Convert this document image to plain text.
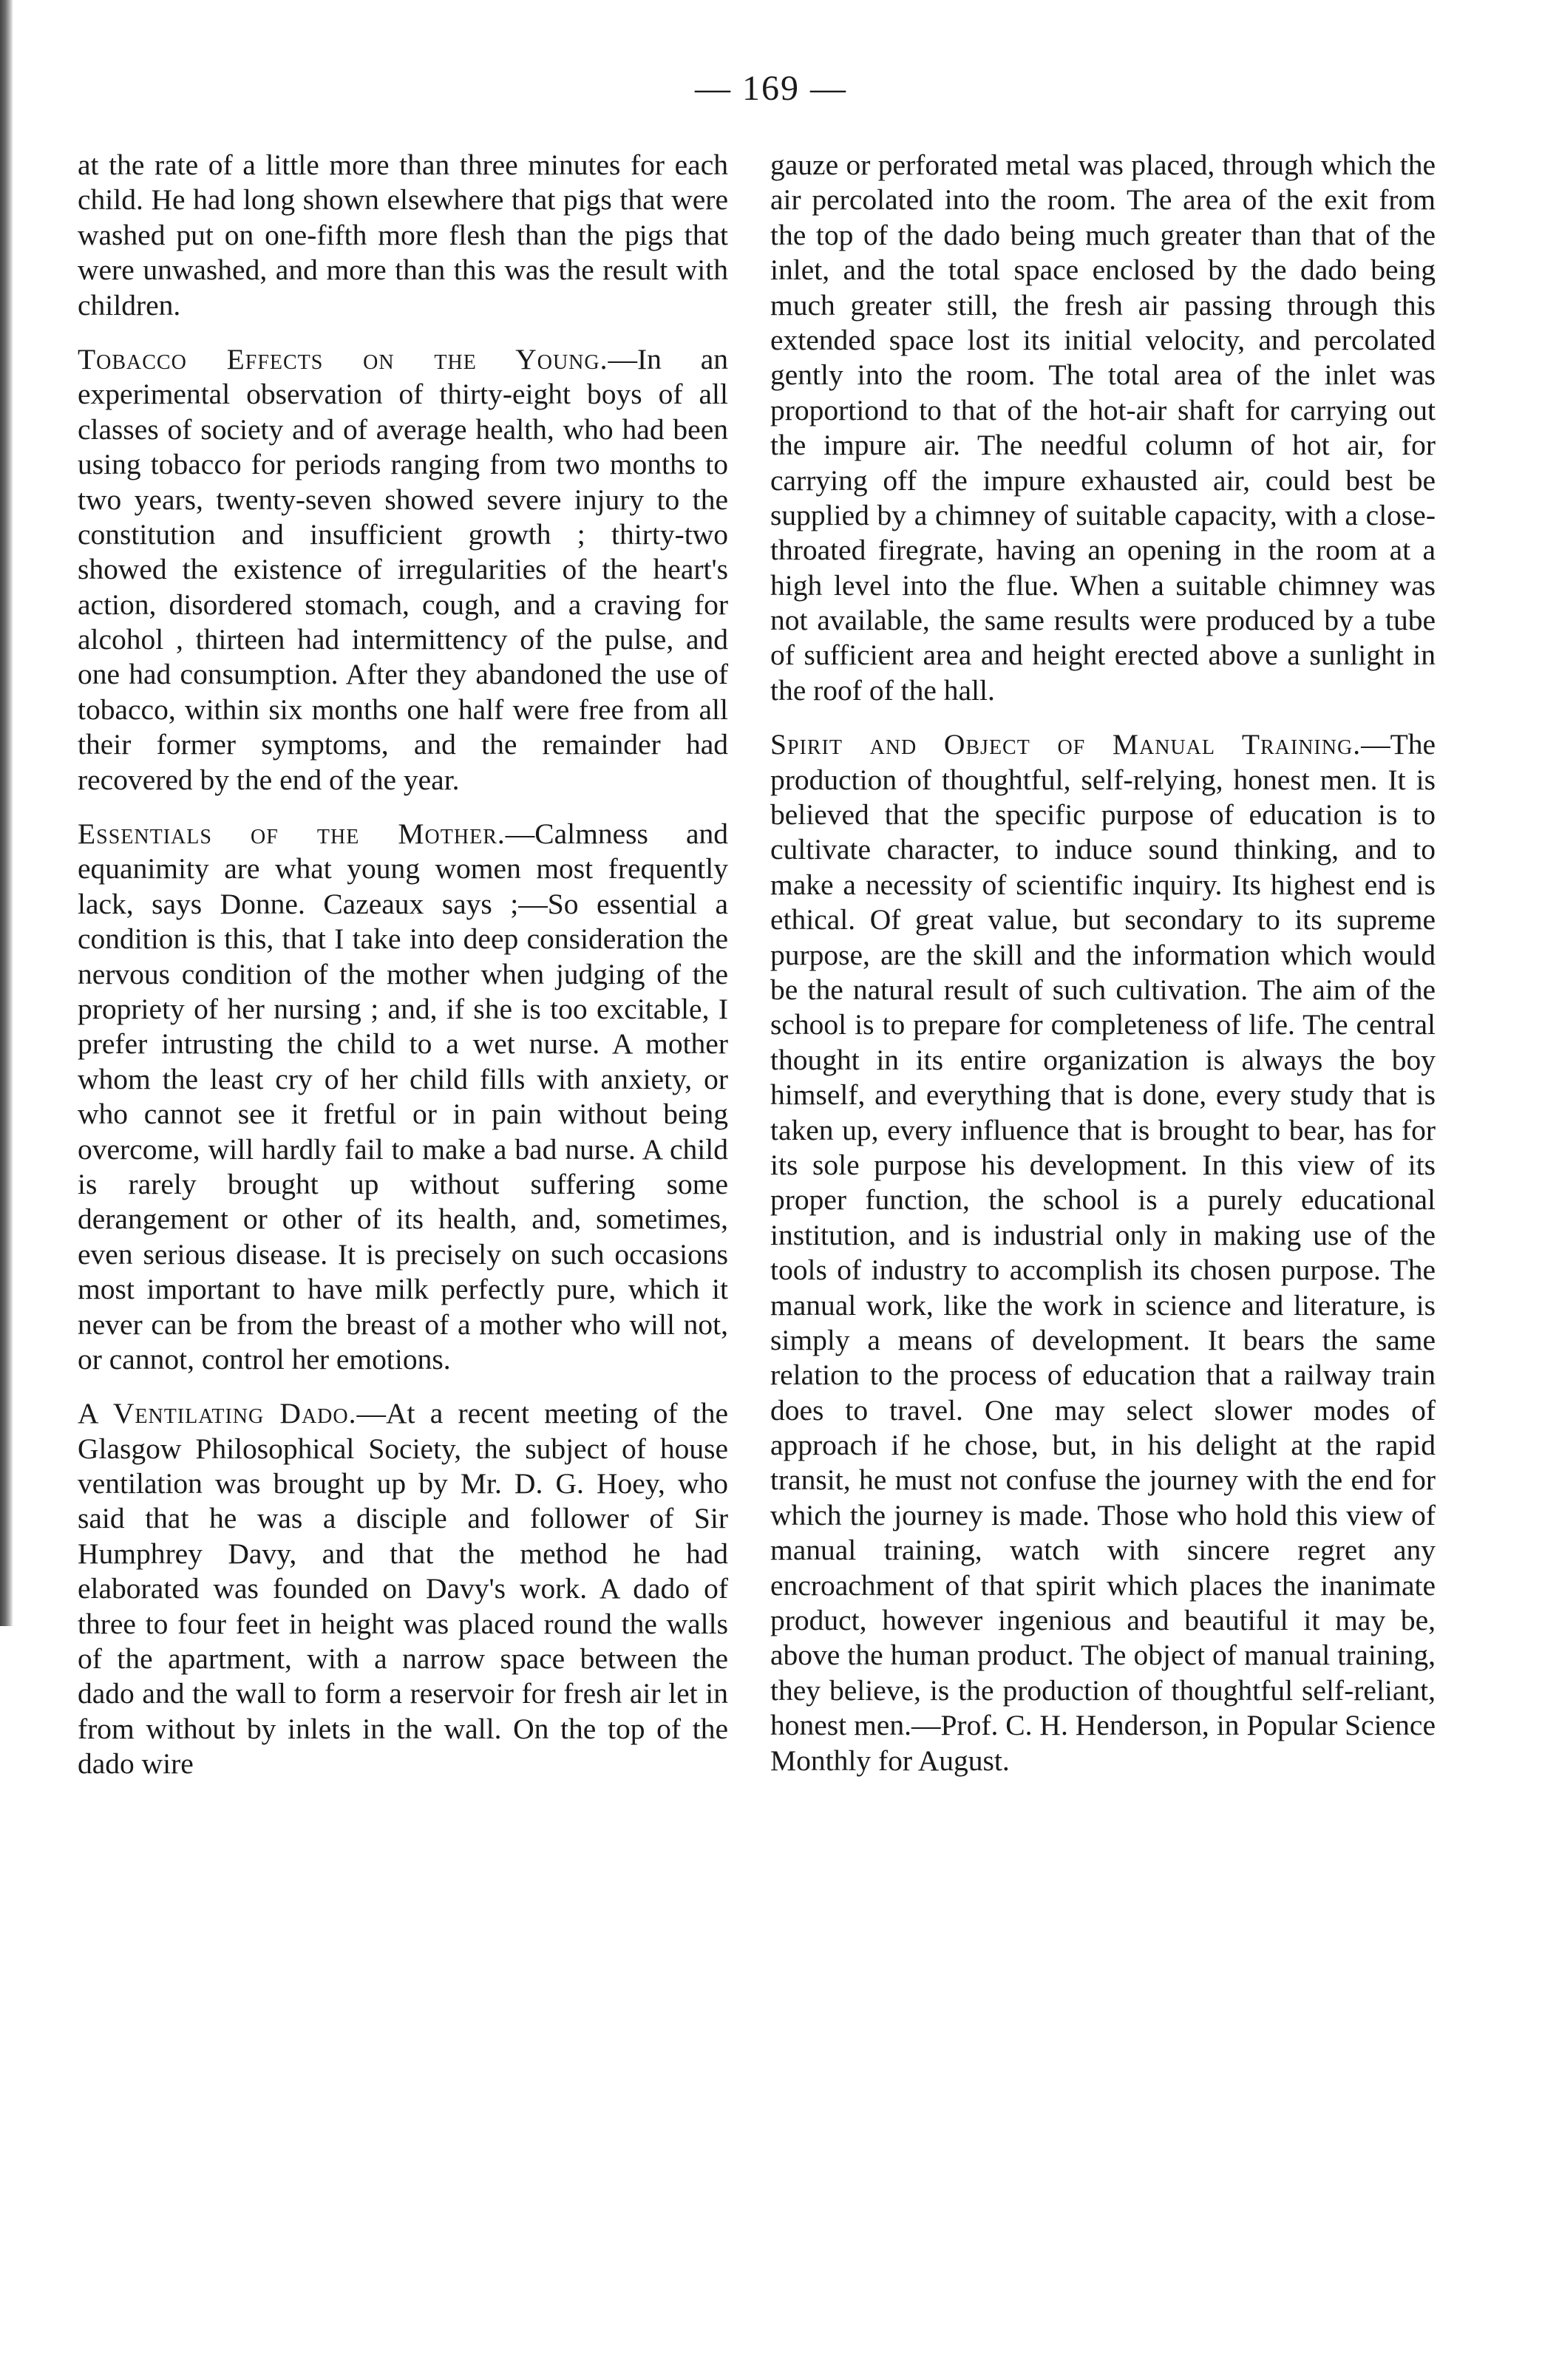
— 169 —

at the rate of a little more than three minutes for each child. He had long shown elsewhere that pigs that were washed put on one-fifth more flesh than the pigs that were unwashed, and more than this was the result with children.

Tobacco Effects on the Young.—In an experimental observation of thirty-eight boys of all classes of society and of average health, who had been using tobacco for periods ranging from two months to two years, twenty-seven showed severe injury to the constitution and insufficient growth ; thirty-two showed the existence of irregularities of the heart's action, disordered stomach, cough, and a craving for alcohol , thirteen had intermittency of the pulse, and one had consumption. After they abandoned the use of tobacco, within six months one half were free from all their former symptoms, and the remainder had recovered by the end of the year.

Essentials of the Mother.—Calmness and equanimity are what young women most frequently lack, says Donne. Cazeaux says ;—So essential a condition is this, that I take into deep consideration the nervous condition of the mother when judging of the propriety of her nursing ; and, if she is too excitable, I prefer intrusting the child to a wet nurse. A mother whom the least cry of her child fills with anxiety, or who cannot see it fretful or in pain without being overcome, will hardly fail to make a bad nurse. A child is rarely brought up without suffering some derangement or other of its health, and, sometimes, even serious disease. It is precisely on such occasions most important to have milk perfectly pure, which it never can be from the breast of a mother who will not, or cannot, control her emotions.

A Ventilating Dado.—At a recent meeting of the Glasgow Philosophical Society, the subject of house ventilation was brought up by Mr. D. G. Hoey, who said that he was a disciple and follower of Sir Humphrey Davy, and that the method he had elaborated was founded on Davy's work. A dado of three to four feet in height was placed round the walls of the apartment, with a narrow space between the dado and the wall to form a reservoir for fresh air let in from without by inlets in the wall. On the top of the dado wire

gauze or perforated metal was placed, through which the air percolated into the room. The area of the exit from the top of the dado being much greater than that of the inlet, and the total space enclosed by the dado being much greater still, the fresh air passing through this extended space lost its initial velocity, and percolated gently into the room. The total area of the inlet was proportiond to that of the hot-air shaft for carrying out the impure air. The needful column of hot air, for carrying off the impure exhausted air, could best be supplied by a chimney of suitable capacity, with a close-throated firegrate, having an opening in the room at a high level into the flue. When a suitable chimney was not available, the same results were produced by a tube of sufficient area and height erected above a sunlight in the roof of the hall.

Spirit and Object of Manual Training.—The production of thoughtful, self-relying, honest men. It is believed that the specific purpose of education is to cultivate character, to induce sound thinking, and to make a necessity of scientific inquiry. Its highest end is ethical. Of great value, but secondary to its supreme purpose, are the skill and the information which would be the natural result of such cultivation. The aim of the school is to prepare for completeness of life. The central thought in its entire organization is always the boy himself, and everything that is done, every study that is taken up, every influence that is brought to bear, has for its sole purpose his development. In this view of its proper function, the school is a purely educational institution, and is industrial only in making use of the tools of industry to accomplish its chosen purpose. The manual work, like the work in science and literature, is simply a means of development. It bears the same relation to the process of education that a railway train does to travel. One may select slower modes of approach if he chose, but, in his delight at the rapid transit, he must not confuse the journey with the end for which the journey is made. Those who hold this view of manual training, watch with sincere regret any encroachment of that spirit which places the inanimate product, however ingenious and beautiful it may be, above the human product. The object of manual training, they believe, is the production of thoughtful self-reliant, honest men.—Prof. C. H. Henderson, in Popular Science Monthly for August.
